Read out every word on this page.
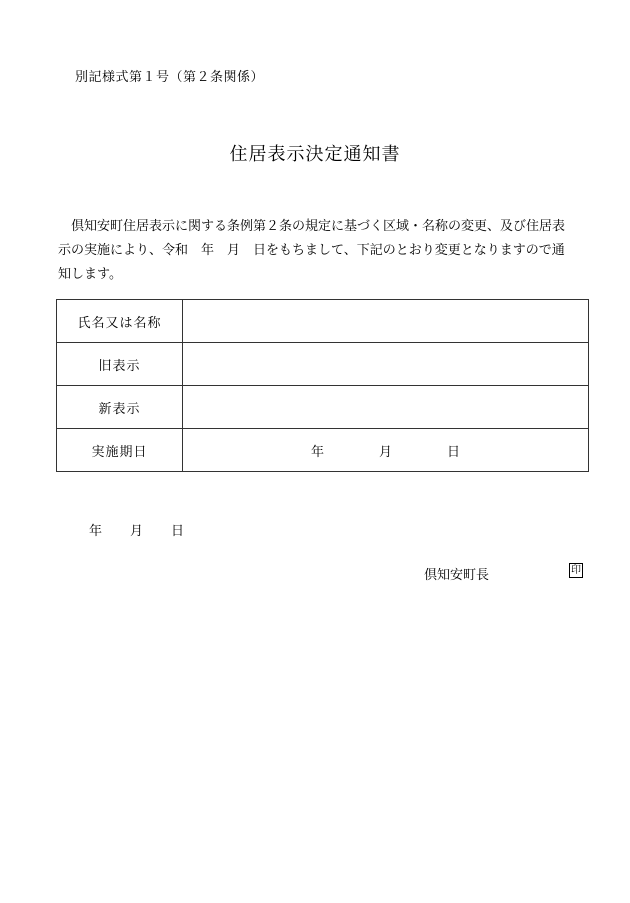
別記様式第１号（第２条関係）
住居表示決定通知書
　倶知安町住居表示に関する条例第２条の規定に基づく区域・名称の変更、及び住居表
示の実施により、令和　年　月　日をもちまして、下記のとおり変更となりますので通
知します。
氏名又は名称	
旧表示	
新表示	
実施期日	年 月 日
年 月 日
倶知安町長	印
